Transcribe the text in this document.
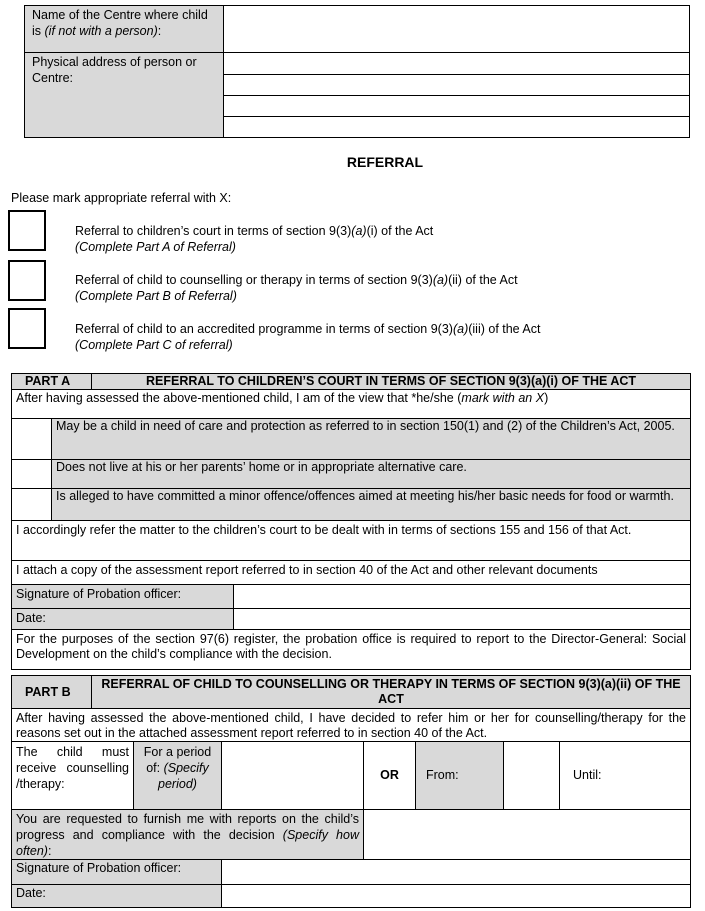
Name of the Centre where child is (if not with a person):
Physical address of person or Centre:
REFERRAL
Please mark appropriate referral with X:
Referral to children’s court in terms of section 9(3)(a)(i) of the Act
(Complete Part A of Referral)
Referral of child to counselling or therapy in terms of section 9(3)(a)(ii) of the Act
(Complete Part B of Referral)
Referral of child to an accredited programme in terms of section 9(3)(a)(iii) of the Act
(Complete Part C of referral)
PART A		REFERRAL TO CHILDREN’S COURT IN TERMS OF SECTION 9(3)(a)(i) OF THE ACT	
After having assessed the above-mentioned child, I am of the view that *he/she (mark with an X)			
	May be a child in need of care and protection as referred to in section 150(1) and (2) of the Children’s Act, 2005.		
	Does not live at his or her parents’ home or in appropriate alternative care.		
	Is alleged to have committed a minor offence/offences aimed at meeting his/her basic needs for food or warmth.		
I accordingly refer the matter to the children’s court to be dealt with in terms of sections 155 and 156 of that Act.			
I attach a copy of the assessment report referred to in section 40 of the Act and other relevant documents			
Signature of Probation officer:			
Date:			
For the purposes of the section 97(6) register, the probation office is required to report to the Director-General: Social Development on the child’s compliance with the decision.			
PART B	REFERRAL OF CHILD TO COUNSELLING OR THERAPY IN TERMS OF SECTION 9(3)(a)(ii) OF THE ACT						
After having assessed the above-mentioned child, I have decided to refer him or her for counselling/therapy for the reasons set out in the attached assessment report referred to in section 40 of the Act.							
The child must receive counselling /therapy:		For a period of: (Specify period)		OR	From:		Until:
You are requested to furnish me with reports on the child’s progress and compliance with the decision (Specify how often):							
Signature of Probation officer:							
Date:							
